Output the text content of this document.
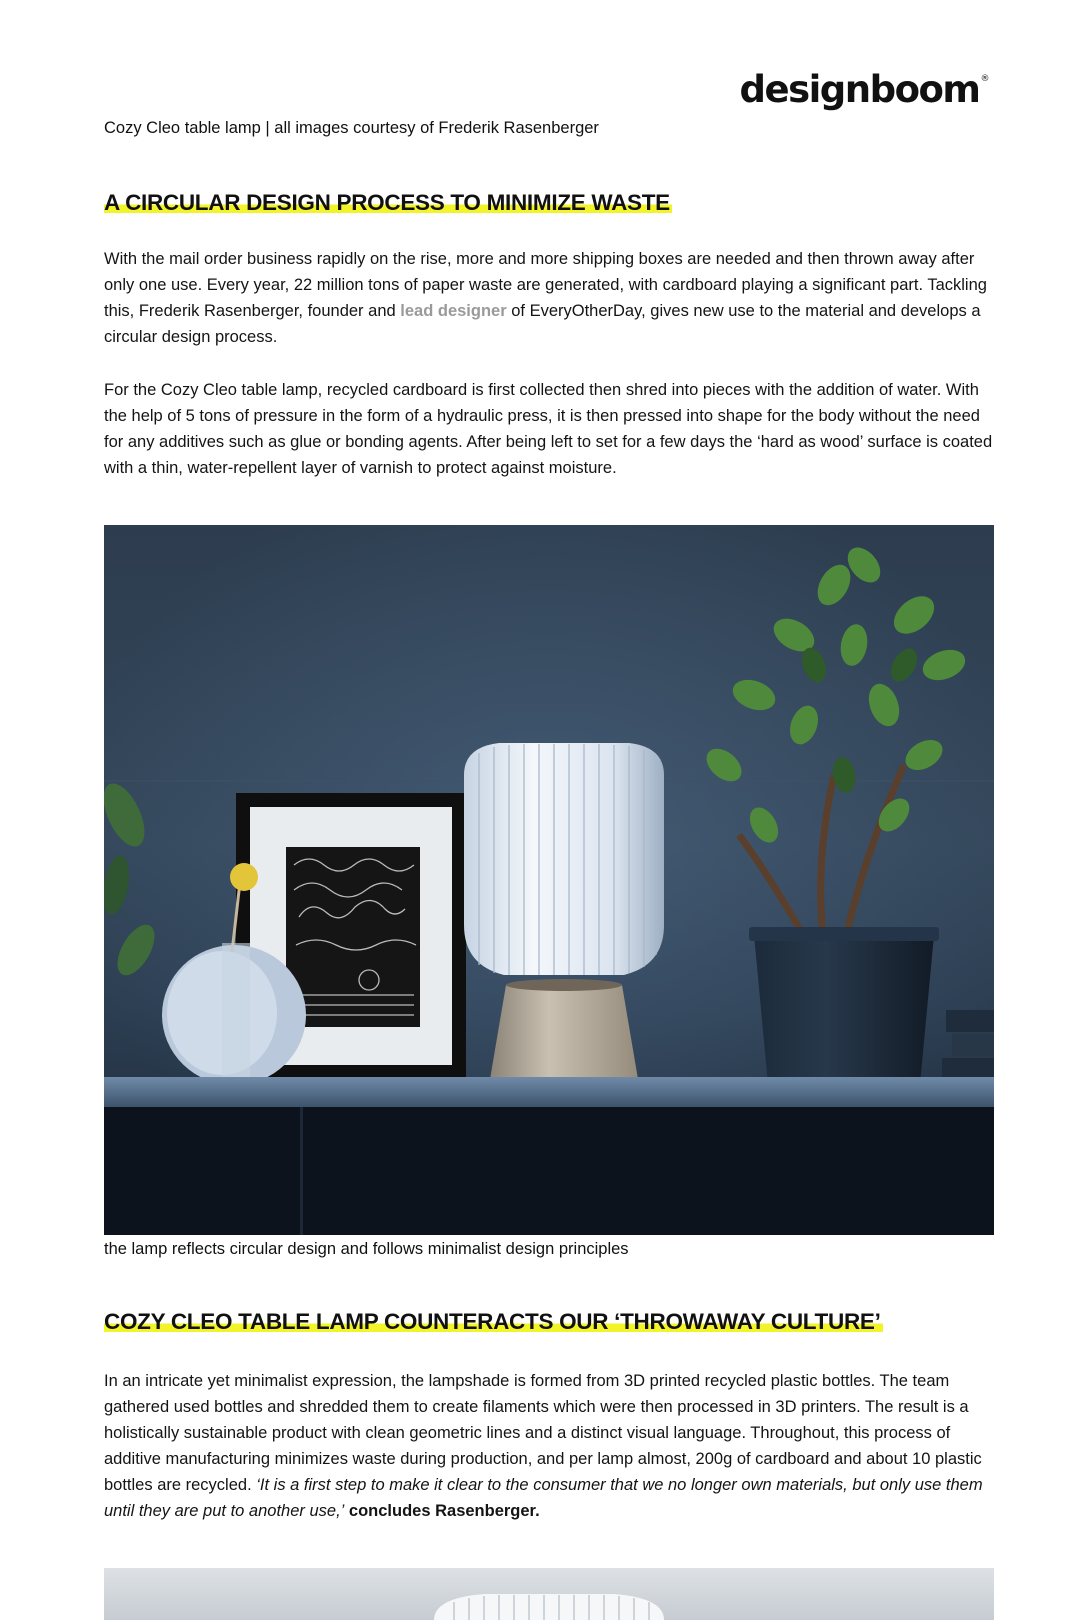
designboom®
Cozy Cleo table lamp | all images courtesy of Frederik Rasenberger
A CIRCULAR DESIGN PROCESS TO MINIMIZE WASTE

With the mail order business rapidly on the rise, more and more shipping boxes are needed and then thrown away after only one use. Every year, 22 million tons of paper waste are generated, with cardboard playing a significant part. Tackling this, Frederik Rasenberger, founder and lead designer of EveryOtherDay, gives new use to the material and develops a circular design process.

For the Cozy Cleo table lamp, recycled cardboard is first collected then shred into pieces with the addition of water. With the help of 5 tons of pressure in the form of a hydraulic press, it is then pressed into shape for the body without the need for any additives such as glue or bonding agents. After being left to set for a few days the ‘hard as wood’ surface is coated with a thin, water-repellent layer of varnish to protect against moisture.

the lamp reflects circular design and follows minimalist design principles
COZY CLEO TABLE LAMP COUNTERACTS OUR ‘THROWAWAY CULTURE’

In an intricate yet minimalist expression, the lampshade is formed from 3D printed recycled plastic bottles. The team gathered used bottles and shredded them to create filaments which were then processed in 3D printers. The result is a holistically sustainable product with clean geometric lines and a distinct visual language. Throughout, this process of additive manufacturing minimizes waste during production, and per lamp almost, 200g of cardboard and about 10 plastic bottles are recycled. ‘It is a first step to make it clear to the consumer that we no longer own materials, but only use them until they are put to another use,’ concludes Rasenberger.
